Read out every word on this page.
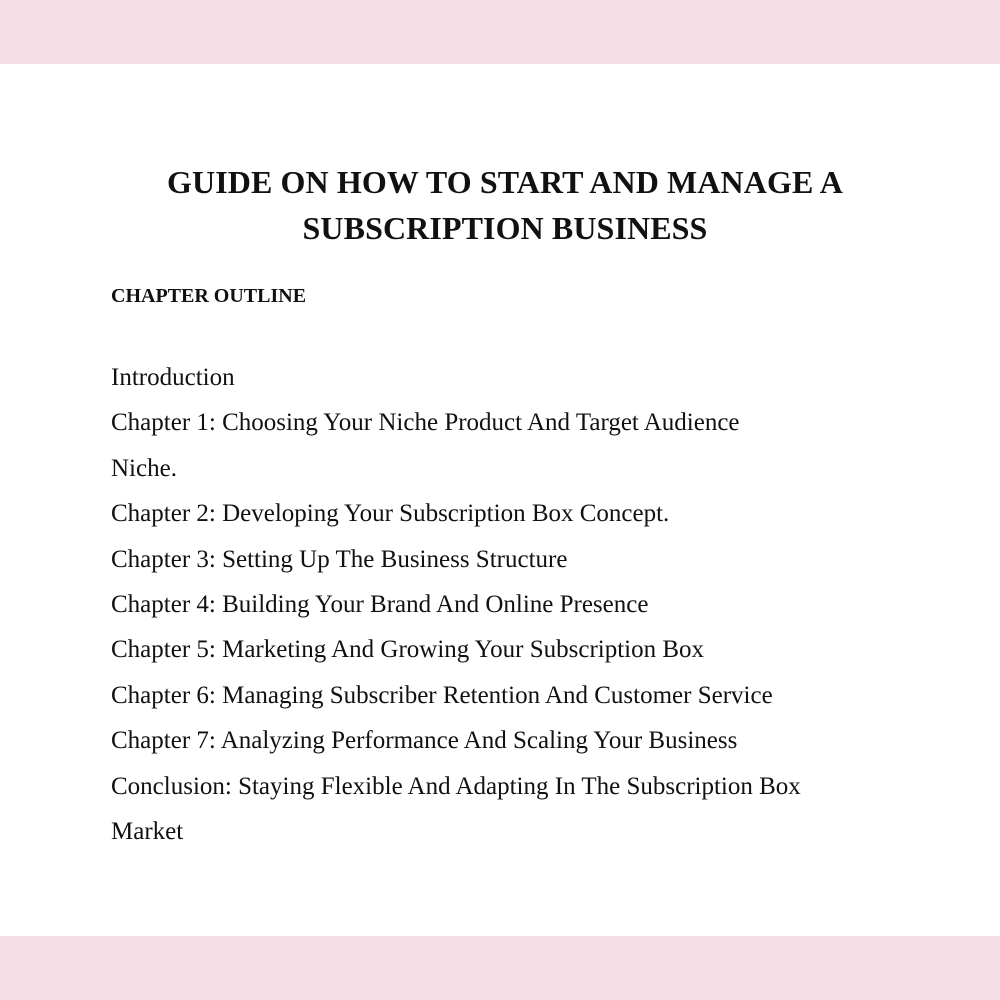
GUIDE ON HOW TO START AND MANAGE A
SUBSCRIPTION BUSINESS
CHAPTER OUTLINE
Introduction
Chapter 1: Choosing Your Niche Product And Target Audience
Niche.
Chapter 2: Developing Your Subscription Box Concept.
Chapter 3: Setting Up The Business Structure
Chapter 4: Building Your Brand And Online Presence
Chapter 5: Marketing And Growing Your Subscription Box
Chapter 6: Managing Subscriber Retention And Customer Service
Chapter 7: Analyzing Performance And Scaling Your Business
Conclusion: Staying Flexible And Adapting In The Subscription Box
Market
